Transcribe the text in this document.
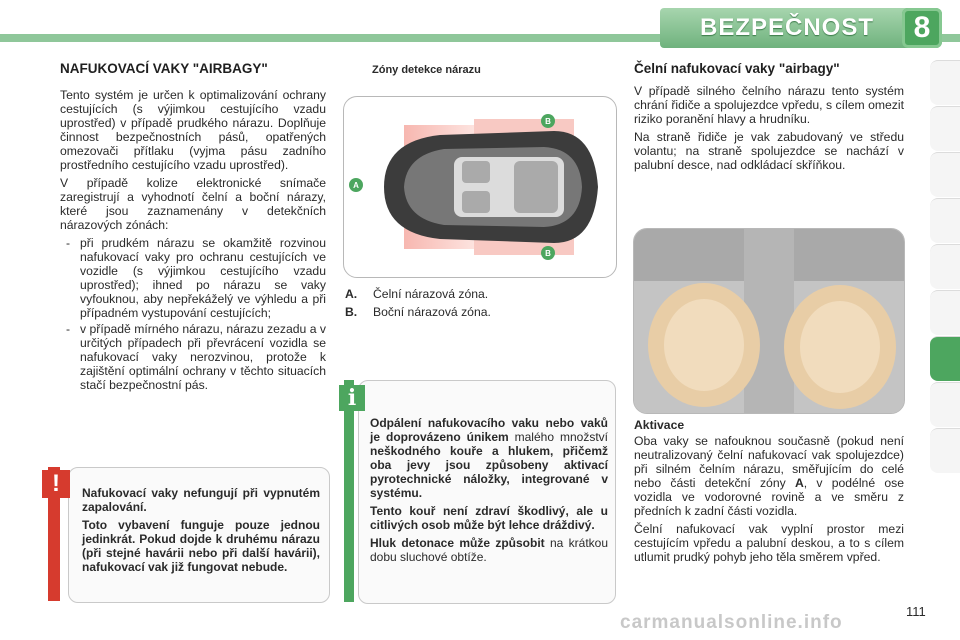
BEZPEČNOST	8
NAFUKOVACÍ VAKY "AIRBAGY"

Tento systém je určen k optimalizování ochrany cestujících (s výjimkou cestujícího vzadu uprostřed) v případě prudkého nárazu. Doplňuje činnost bezpečnostních pásů, opatřených omezovači přítlaku (vyjma pásu zadního prostředního cestujícího vzadu uprostřed).

V případě kolize elektronické snímače zaregistrují a vyhodnotí čelní a boční nárazy, které jsou zaznamenány v detekčních nárazových zónách:

- při prudkém nárazu se okamžitě rozvinou nafukovací vaky pro ochranu cestujících ve vozidle (s výjimkou cestujícího vzadu uprostřed); ihned po nárazu se vaky vyfouknou, aby nepřekáželý ve výhledu a při případném vystupování cestujících;
- v případě mírného nárazu, nárazu zezadu a v určitých případech při převrácení vozidla se nafukovací vaky nerozvinou, protože k zajištění optimální ochrany v těchto situacích stačí bezpečnostní pás.
Zóny detekce nárazu
B
A
B
A. Čelní nárazová zóna.
B. Boční nárazová zóna.
Čelní nafukovací vaky "airbagy"

V případě silného čelního nárazu tento systém chrání řidiče a spolujezdce vpředu, s cílem omezit riziko poranění hlavy a hrudníku.

Na straně řidiče je vak zabudovaný ve středu volantu; na straně spolujezdce se nachází v palubní desce, nad odkládací skříňkou.

Aktivace

Oba vaky se nafouknou současně (pokud není neutralizovaný čelní nafukovací vak spolujezdce) při silném čelním nárazu, směřujícím do celé nebo části detekční zóny A, v podélné ose vozidla ve vodorovné rovině a ve směru z předních k zadní části vozidla.

Čelní nafukovací vak vyplní prostor mezi cestujícím vpředu a palubní deskou, a to s cílem utlumit prudký pohyb jeho těla směrem vpřed.

i

Odpálení nafukovacího vaku nebo vaků je doprovázeno únikem malého množství neškodného kouře a hlukem, přičemž oba jevy jsou způsobeny aktivací pyrotechnické náložky, integrované v systému.

Tento kouř není zdraví škodlivý, ale u citlivých osob může být lehce dráždivý.

Hluk detonace může způsobit na krátkou dobu sluchové obtíže.

!	Nafukovací vaky nefungují při vypnutém zapalování.

Toto vybavení funguje pouze jednou jedinkrát. Pokud dojde k druhému nárazu (při stejné havárii nebo při další havárii), nafukovací vak již fungovat nebude.

111
carmanualsonline.info
